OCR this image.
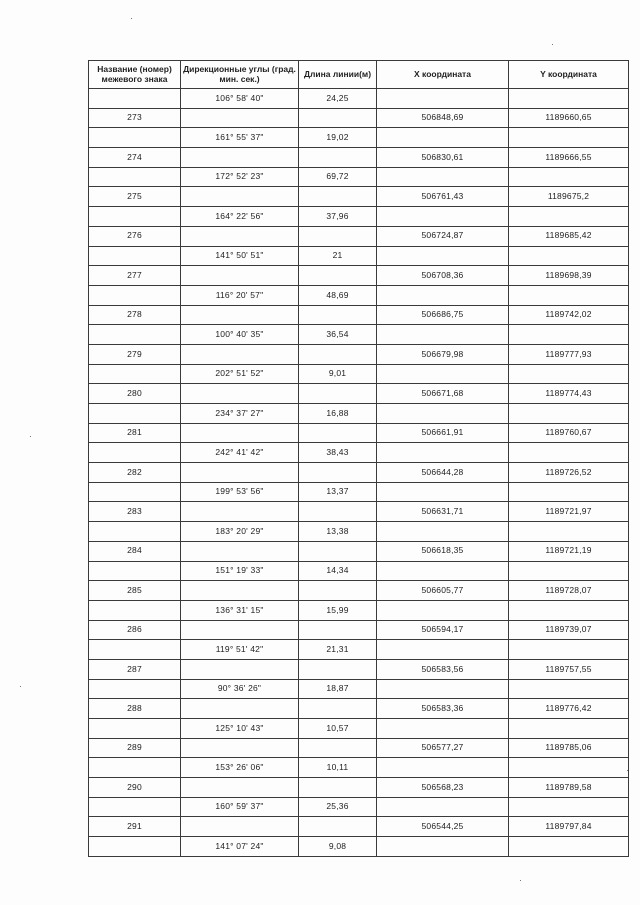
Название (номер) межевого знака	Дирекционные углы (град. мин. сек.)	Длина линии(м)	X координата	Y координата
	106° 58' 40"	24,25		
273			506848,69	1189660,65
	161° 55' 37"	19,02		
274			506830,61	1189666,55
	172° 52' 23"	69,72		
275			506761,43	1189675,2
	164° 22' 56"	37,96		
276			506724,87	1189685,42
	141° 50' 51"	21		
277			506708,36	1189698,39
	116° 20' 57"	48,69		
278			506686,75	1189742,02
	100° 40' 35"	36,54		
279			506679,98	1189777,93
	202° 51' 52"	9,01		
280			506671,68	1189774,43
	234° 37' 27"	16,88		
281			506661,91	1189760,67
	242° 41' 42"	38,43		
282			506644,28	1189726,52
	199° 53' 56"	13,37		
283			506631,71	1189721,97
	183° 20' 29"	13,38		
284			506618,35	1189721,19
	151° 19' 33"	14,34		
285			506605,77	1189728,07
	136° 31' 15"	15,99		
286			506594,17	1189739,07
	119° 51' 42"	21,31		
287			506583,56	1189757,55
	90° 36' 26"	18,87		
288			506583,36	1189776,42
	125° 10' 43"	10,57		
289			506577,27	1189785,06
	153° 26' 06"	10,11		
290			506568,23	1189789,58
	160° 59' 37"	25,36		
291			506544,25	1189797,84
	141° 07' 24"	9,08		
